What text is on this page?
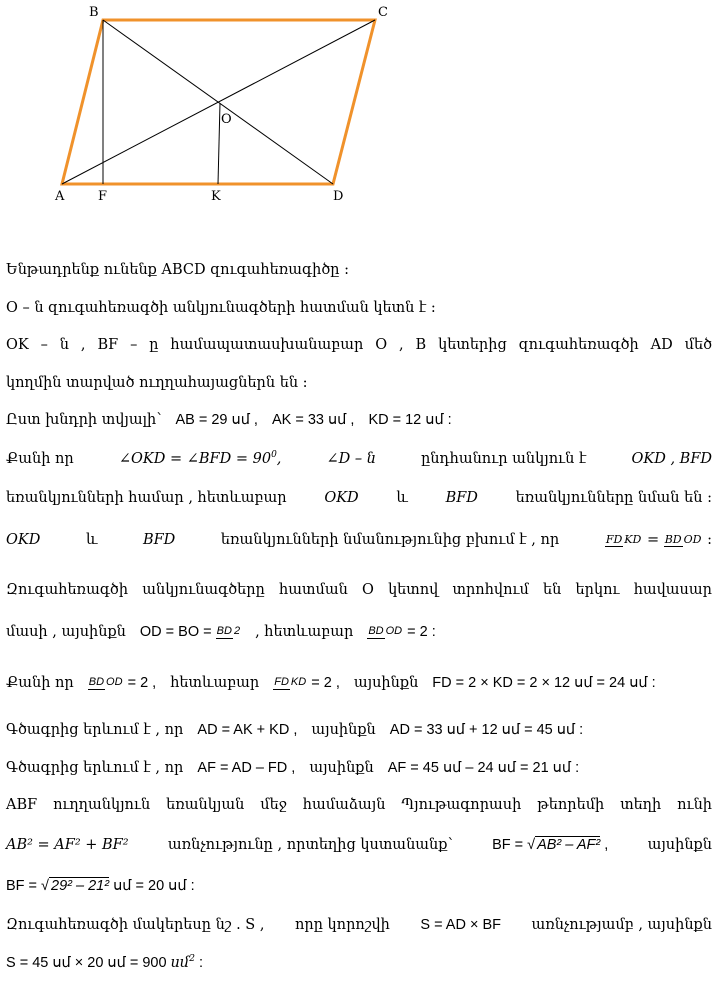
B	C
O
A	F	K	D
Ենթադրենք ունենք ABCD զուգահեռագիծը :
O – ն զուգահեռագծի անկյունագծերի հատման կետն է :
OK – ն , BF – ը համապատասխանաբար O , B կետերից զուգահեռագծի AD մեծ
կողմին տարված ուղղահայացներն են :
Ըստ խնդրի տվյալի՝ AB = 29 սմ , AK = 33 սմ , KD = 12 սմ :
Քանի որ	∠OKD = ∠BFD = $90^0$,	∠D – ն	ընդհանուր անկյուն է	OKD , BFD
եռանկյունների համար , հետևաբար	OKD	և	BFD	եռանկյունները նման են :
OKD	և	BFD	եռանկյունների նմանությունից բխում է , որ	FD KD = BD OD :
Զուգահեռագծի անկյունագծերը հատման O կետով տրոհվում են երկու հավասար
մասի , այսինքն OD = BO = BD 2 , հետևաբար BD OD = 2 :
Քանի որ BD OD = 2 , հետևաբար FD KD = 2 , այսինքն FD = 2 × KD = 2 × 12 սմ = 24 սմ :
Գծագրից երևում է , որ AD = AK + KD , այսինքն AD = 33 սմ + 12 սմ = 45 սմ :
Գծագրից երևում է , որ AF = AD – FD , այսինքն AF = 45 սմ – 24 սմ = 21 սմ :
ABF ուղղանկյուն եռանկյան մեջ համաձայն Պյութագորասի թեորեմի տեղի ունի
AB² = AF² + BF²	առնչությունը , որտեղից կստանանք՝	BF = √ AB² – AF² ,	այսինքն
BF = √ 29² – 21² սմ = 20 սմ :
Զուգահեռագծի մակերեսը նշ . S , որը կորոշվի S = AD × BF առնչությամբ , այսինքն
S = 45 սմ × 20 սմ = 900 սմ$^2$ :
